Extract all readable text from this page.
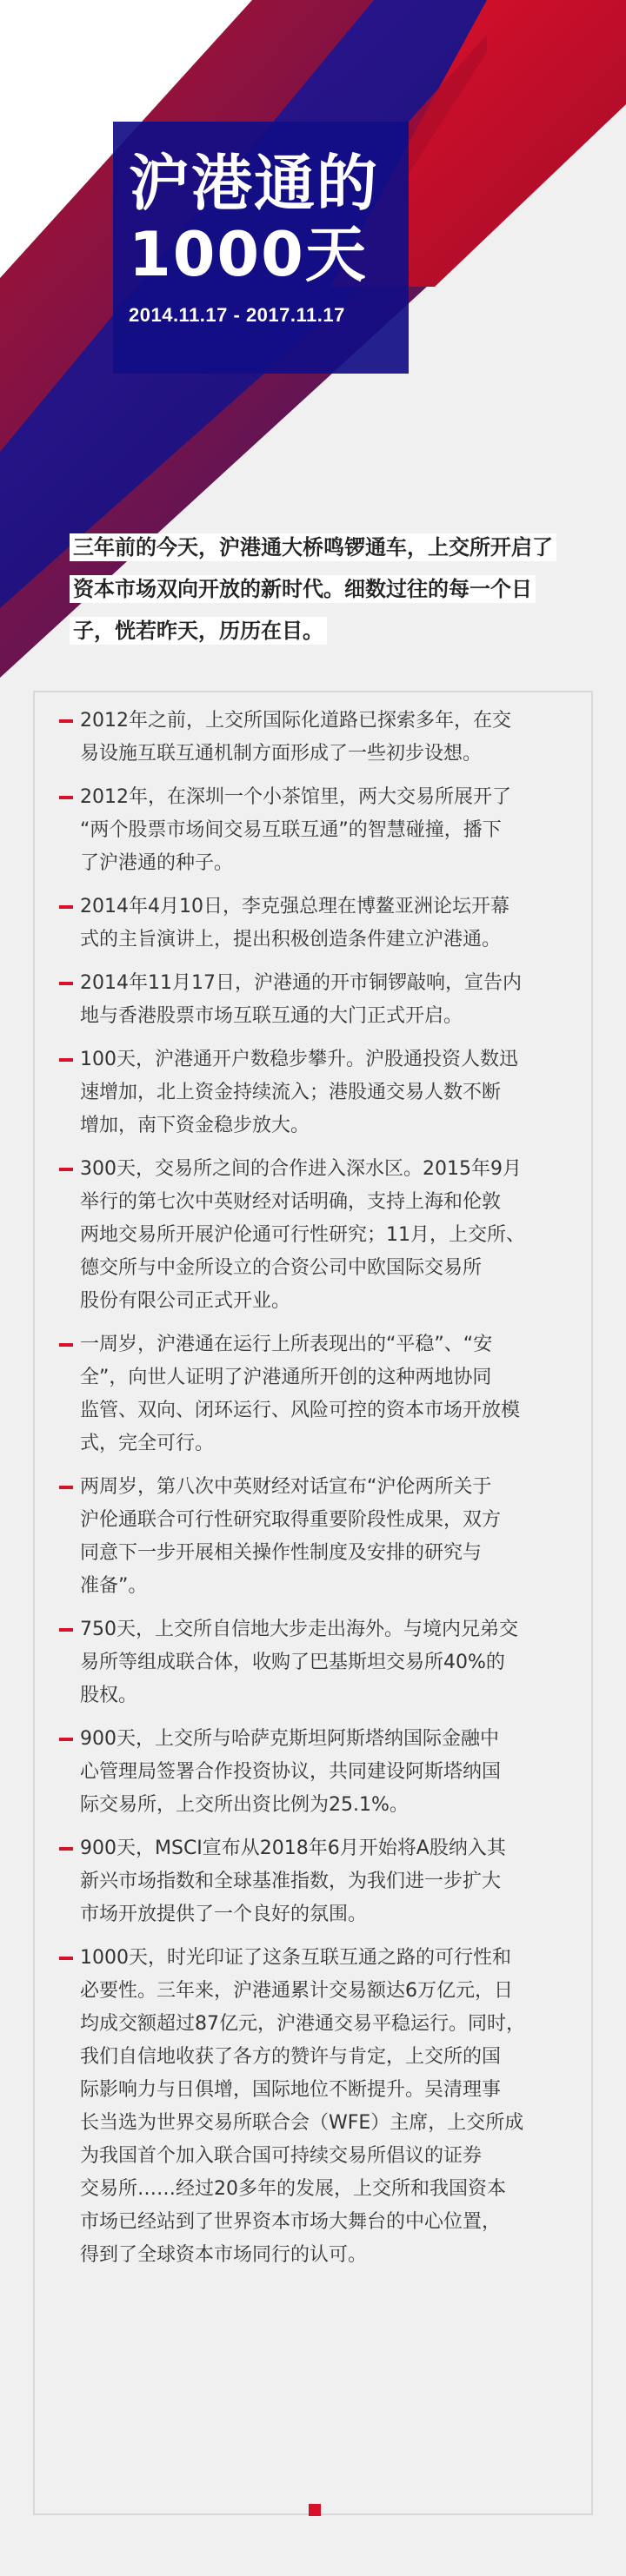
沪港通的
1000天
2014.11.17 - 2017.11.17
三年前的今天，沪港通大桥鸣锣通车，上交所开启了
资本市场双向开放的新时代。细数过往的每一个日
子，恍若昨天，历历在目。
2012年之前，上交所国际化道路已探索多年，在交
易设施互联互通机制方面形成了一些初步设想。
2012年，在深圳一个小茶馆里，两大交易所展开了
“两个股票市场间交易互联互通”的智慧碰撞，播下
了沪港通的种子。
2014年4月10日，李克强总理在博鳌亚洲论坛开幕
式的主旨演讲上，提出积极创造条件建立沪港通。
2014年11月17日，沪港通的开市铜锣敲响，宣告内
地与香港股票市场互联互通的大门正式开启。
100天，沪港通开户数稳步攀升。沪股通投资人数迅
速增加，北上资金持续流入；港股通交易人数不断
增加，南下资金稳步放大。
300天，交易所之间的合作进入深水区。2015年9月
举行的第七次中英财经对话明确，支持上海和伦敦
两地交易所开展沪伦通可行性研究；11月，上交所、
德交所与中金所设立的合资公司中欧国际交易所
股份有限公司正式开业。
一周岁，沪港通在运行上所表现出的“平稳”、“安
全”，向世人证明了沪港通所开创的这种两地协同
监管、双向、闭环运行、风险可控的资本市场开放模
式，完全可行。
两周岁，第八次中英财经对话宣布“沪伦两所关于
沪伦通联合可行性研究取得重要阶段性成果，双方
同意下一步开展相关操作性制度及安排的研究与
准备”。
750天，上交所自信地大步走出海外。与境内兄弟交
易所等组成联合体，收购了巴基斯坦交易所40%的
股权。
900天，上交所与哈萨克斯坦阿斯塔纳国际金融中
心管理局签署合作投资协议，共同建设阿斯塔纳国
际交易所，上交所出资比例为25.1%。
900天，MSCI宣布从2018年6月开始将A股纳入其
新兴市场指数和全球基准指数，为我们进一步扩大
市场开放提供了一个良好的氛围。
1000天，时光印证了这条互联互通之路的可行性和
必要性。三年来，沪港通累计交易额达6万亿元，日
均成交额超过87亿元，沪港通交易平稳运行。同时，
我们自信地收获了各方的赞许与肯定，上交所的国
际影响力与日俱增，国际地位不断提升。吴清理事
长当选为世界交易所联合会（WFE）主席，上交所成
为我国首个加入联合国可持续交易所倡议的证券
交易所……经过20多年的发展，上交所和我国资本
市场已经站到了世界资本市场大舞台的中心位置，
得到了全球资本市场同行的认可。
